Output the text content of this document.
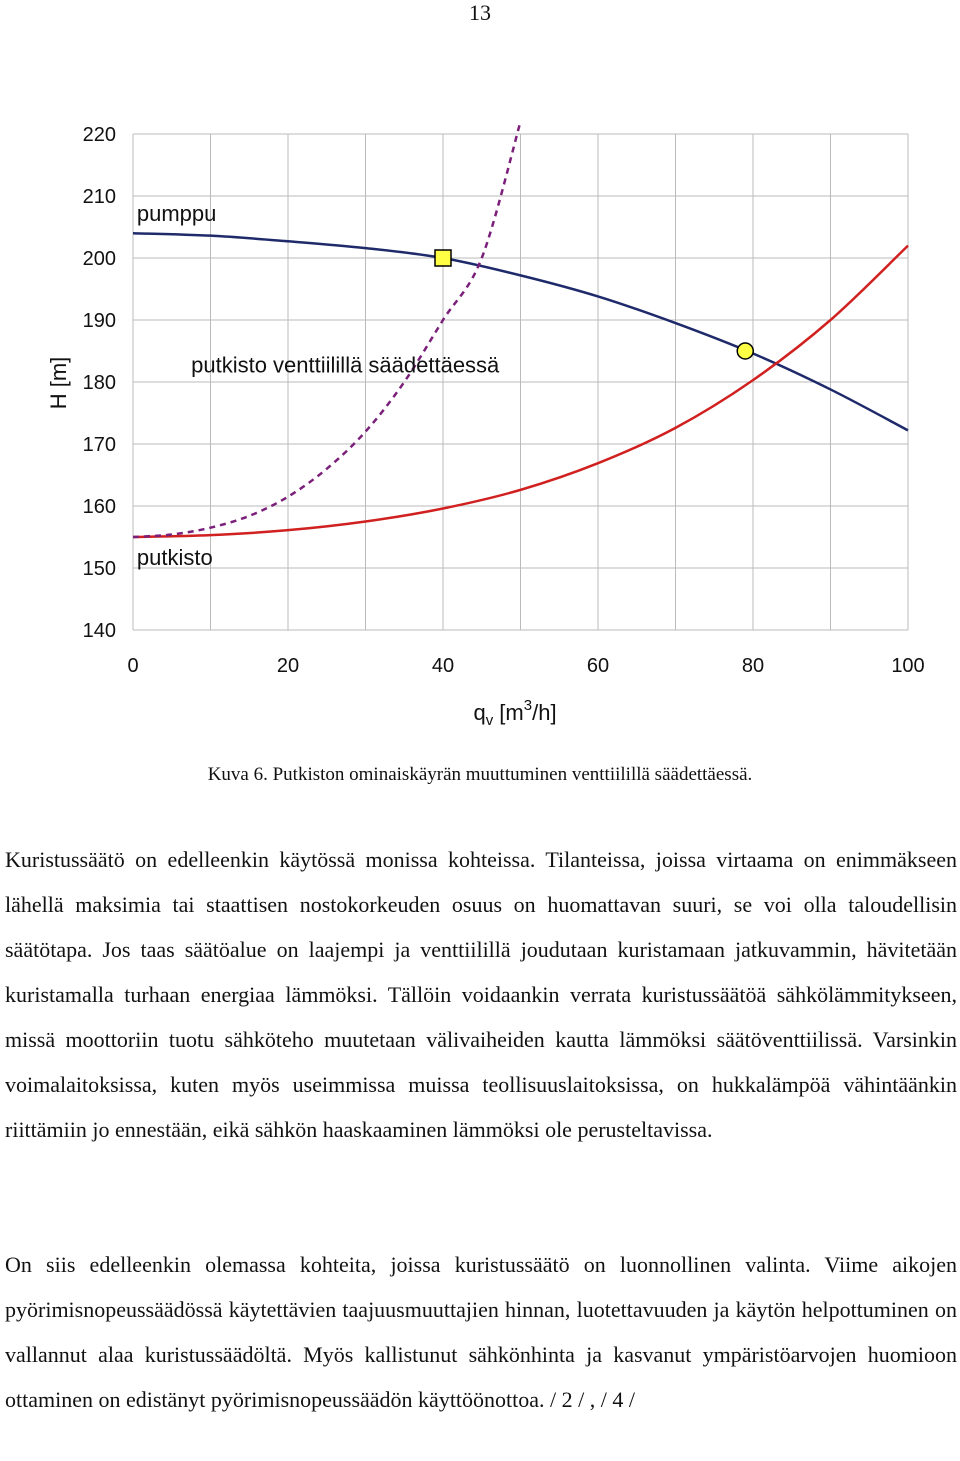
13
140
150
160
170
180
190
200
210
220
0	20	40	60	80	100
pumppu
putkisto venttiilillä säädettäessä
putkisto
H [m]
$q_v$ $[m^3/h]$
Kuva 6. Putkiston ominaiskäyrän muuttuminen venttiilillä säädettäessä.

Kuristussäätö on edelleenkin käytössä monissa kohteissa. Tilanteissa, joissa virtaama on enimmäkseen lähellä maksimia tai staattisen nostokorkeuden osuus on huomattavan suuri, se voi olla taloudellisin säätötapa. Jos taas säätöalue on laajempi ja venttiilillä joudutaan kuristamaan jatkuvammin, hävitetään kuristamalla turhaan energiaa lämmöksi. Tällöin voidaankin verrata kuristussäätöä sähkölämmitykseen, missä moottoriin tuotu sähköteho muutetaan välivaiheiden kautta lämmöksi säätöventtiilissä. Varsinkin voimalaitoksissa, kuten myös useimmissa muissa teollisuuslaitoksissa, on hukkalämpöä vähintäänkin riittämiin jo ennestään, eikä sähkön haaskaaminen lämmöksi ole perusteltavissa.

On siis edelleenkin olemassa kohteita, joissa kuristussäätö on luonnollinen valinta. Viime aikojen pyörimisnopeussäädössä käytettävien taajuusmuuttajien hinnan, luotettavuuden ja käytön helpottuminen on vallannut alaa kuristussäädöltä. Myös kallistunut sähkönhinta ja kasvanut ympäristöarvojen huomioon ottaminen on edistänyt pyörimisnopeussäädön käyttöönottoa. / 2 / , / 4 /
